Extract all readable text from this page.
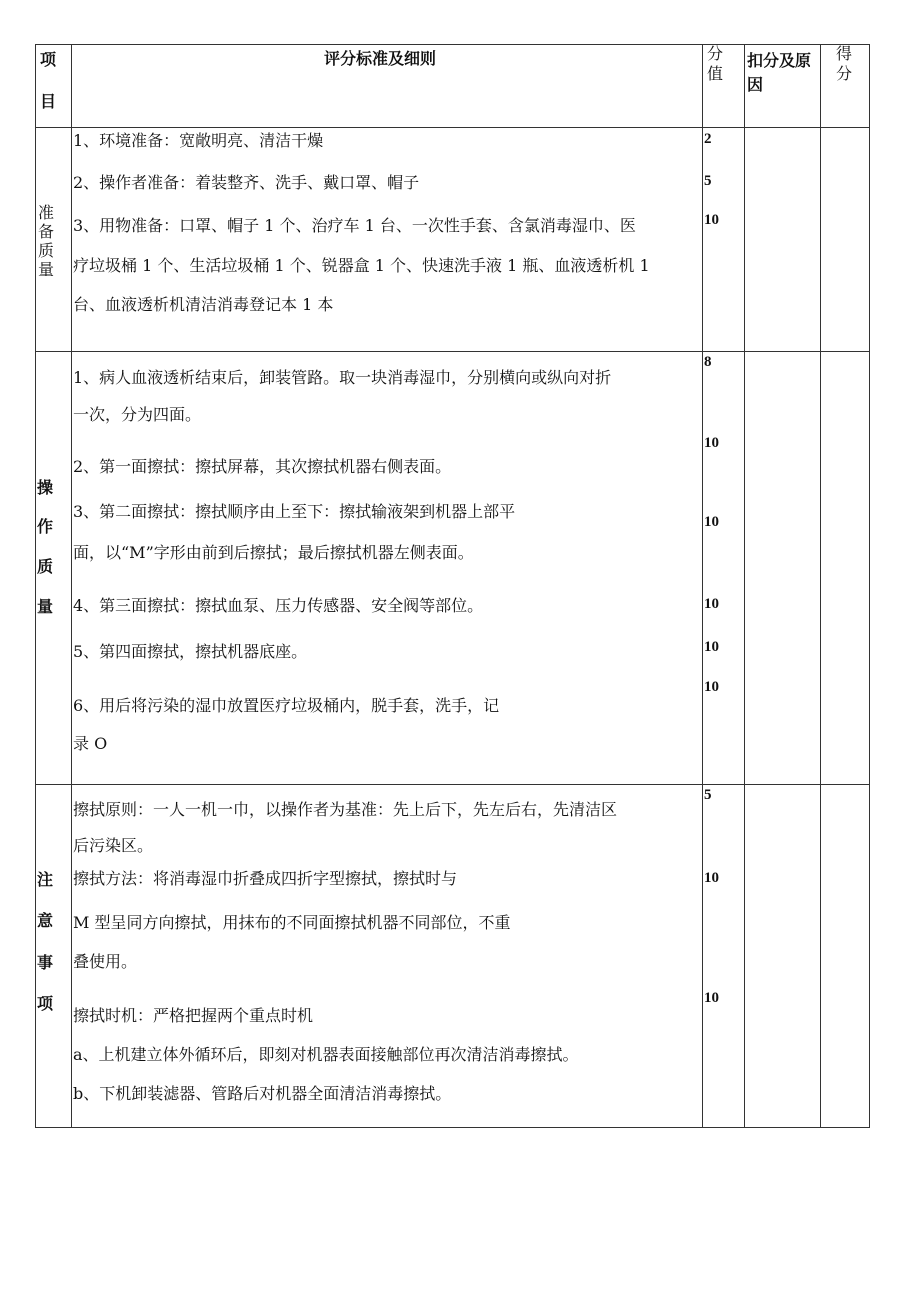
项
目
评分标准及细则	分
值
扣分及原
因
得
分
准
备
质
量
1、环境准备：宽敞明亮、清洁干燥
2、操作者准备：着装整齐、洗手、戴口罩、帽子
3、用物准备：口罩、帽子 1 个、治疗车 1 台、一次性手套、含氯消毒湿巾、医
疗垃圾桶 1 个、生活垃圾桶 1 个、锐器盒 1 个、快速洗手液 1 瓶、血液透析机 1
台、血液透析机清洁消毒登记本 1 本
2
5
10
操
作
质
量
1、病人血液透析结束后，卸装管路。取一块消毒湿巾，分别横向或纵向对折
一次，分为四面。
2、第一面擦拭：擦拭屏幕，其次擦拭机器右侧表面。
3、第二面擦拭：擦拭顺序由上至下：擦拭输液架到机器上部平
面，以“M”字形由前到后擦拭；最后擦拭机器左侧表面。
4、第三面擦拭：擦拭血泵、压力传感器、安全阀等部位。
5、第四面擦拭，擦拭机器底座。
6、用后将污染的湿巾放置医疗垃圾桶内，脱手套，洗手，记
录 O
8
10
10
10
10
10
注
意
事
项
擦拭原则：一人一机一巾，以操作者为基准：先上后下，先左后右，先清洁区
后污染区。
擦拭方法：将消毒湿巾折叠成四折字型擦拭，擦拭时与
M 型呈同方向擦拭，用抹布的不同面擦拭机器不同部位，不重
叠使用。
擦拭时机：严格把握两个重点时机
a、上机建立体外循环后，即刻对机器表面接触部位再次清洁消毒擦拭。
b、下机卸装滤器、管路后对机器全面清洁消毒擦拭。
5
10
10
